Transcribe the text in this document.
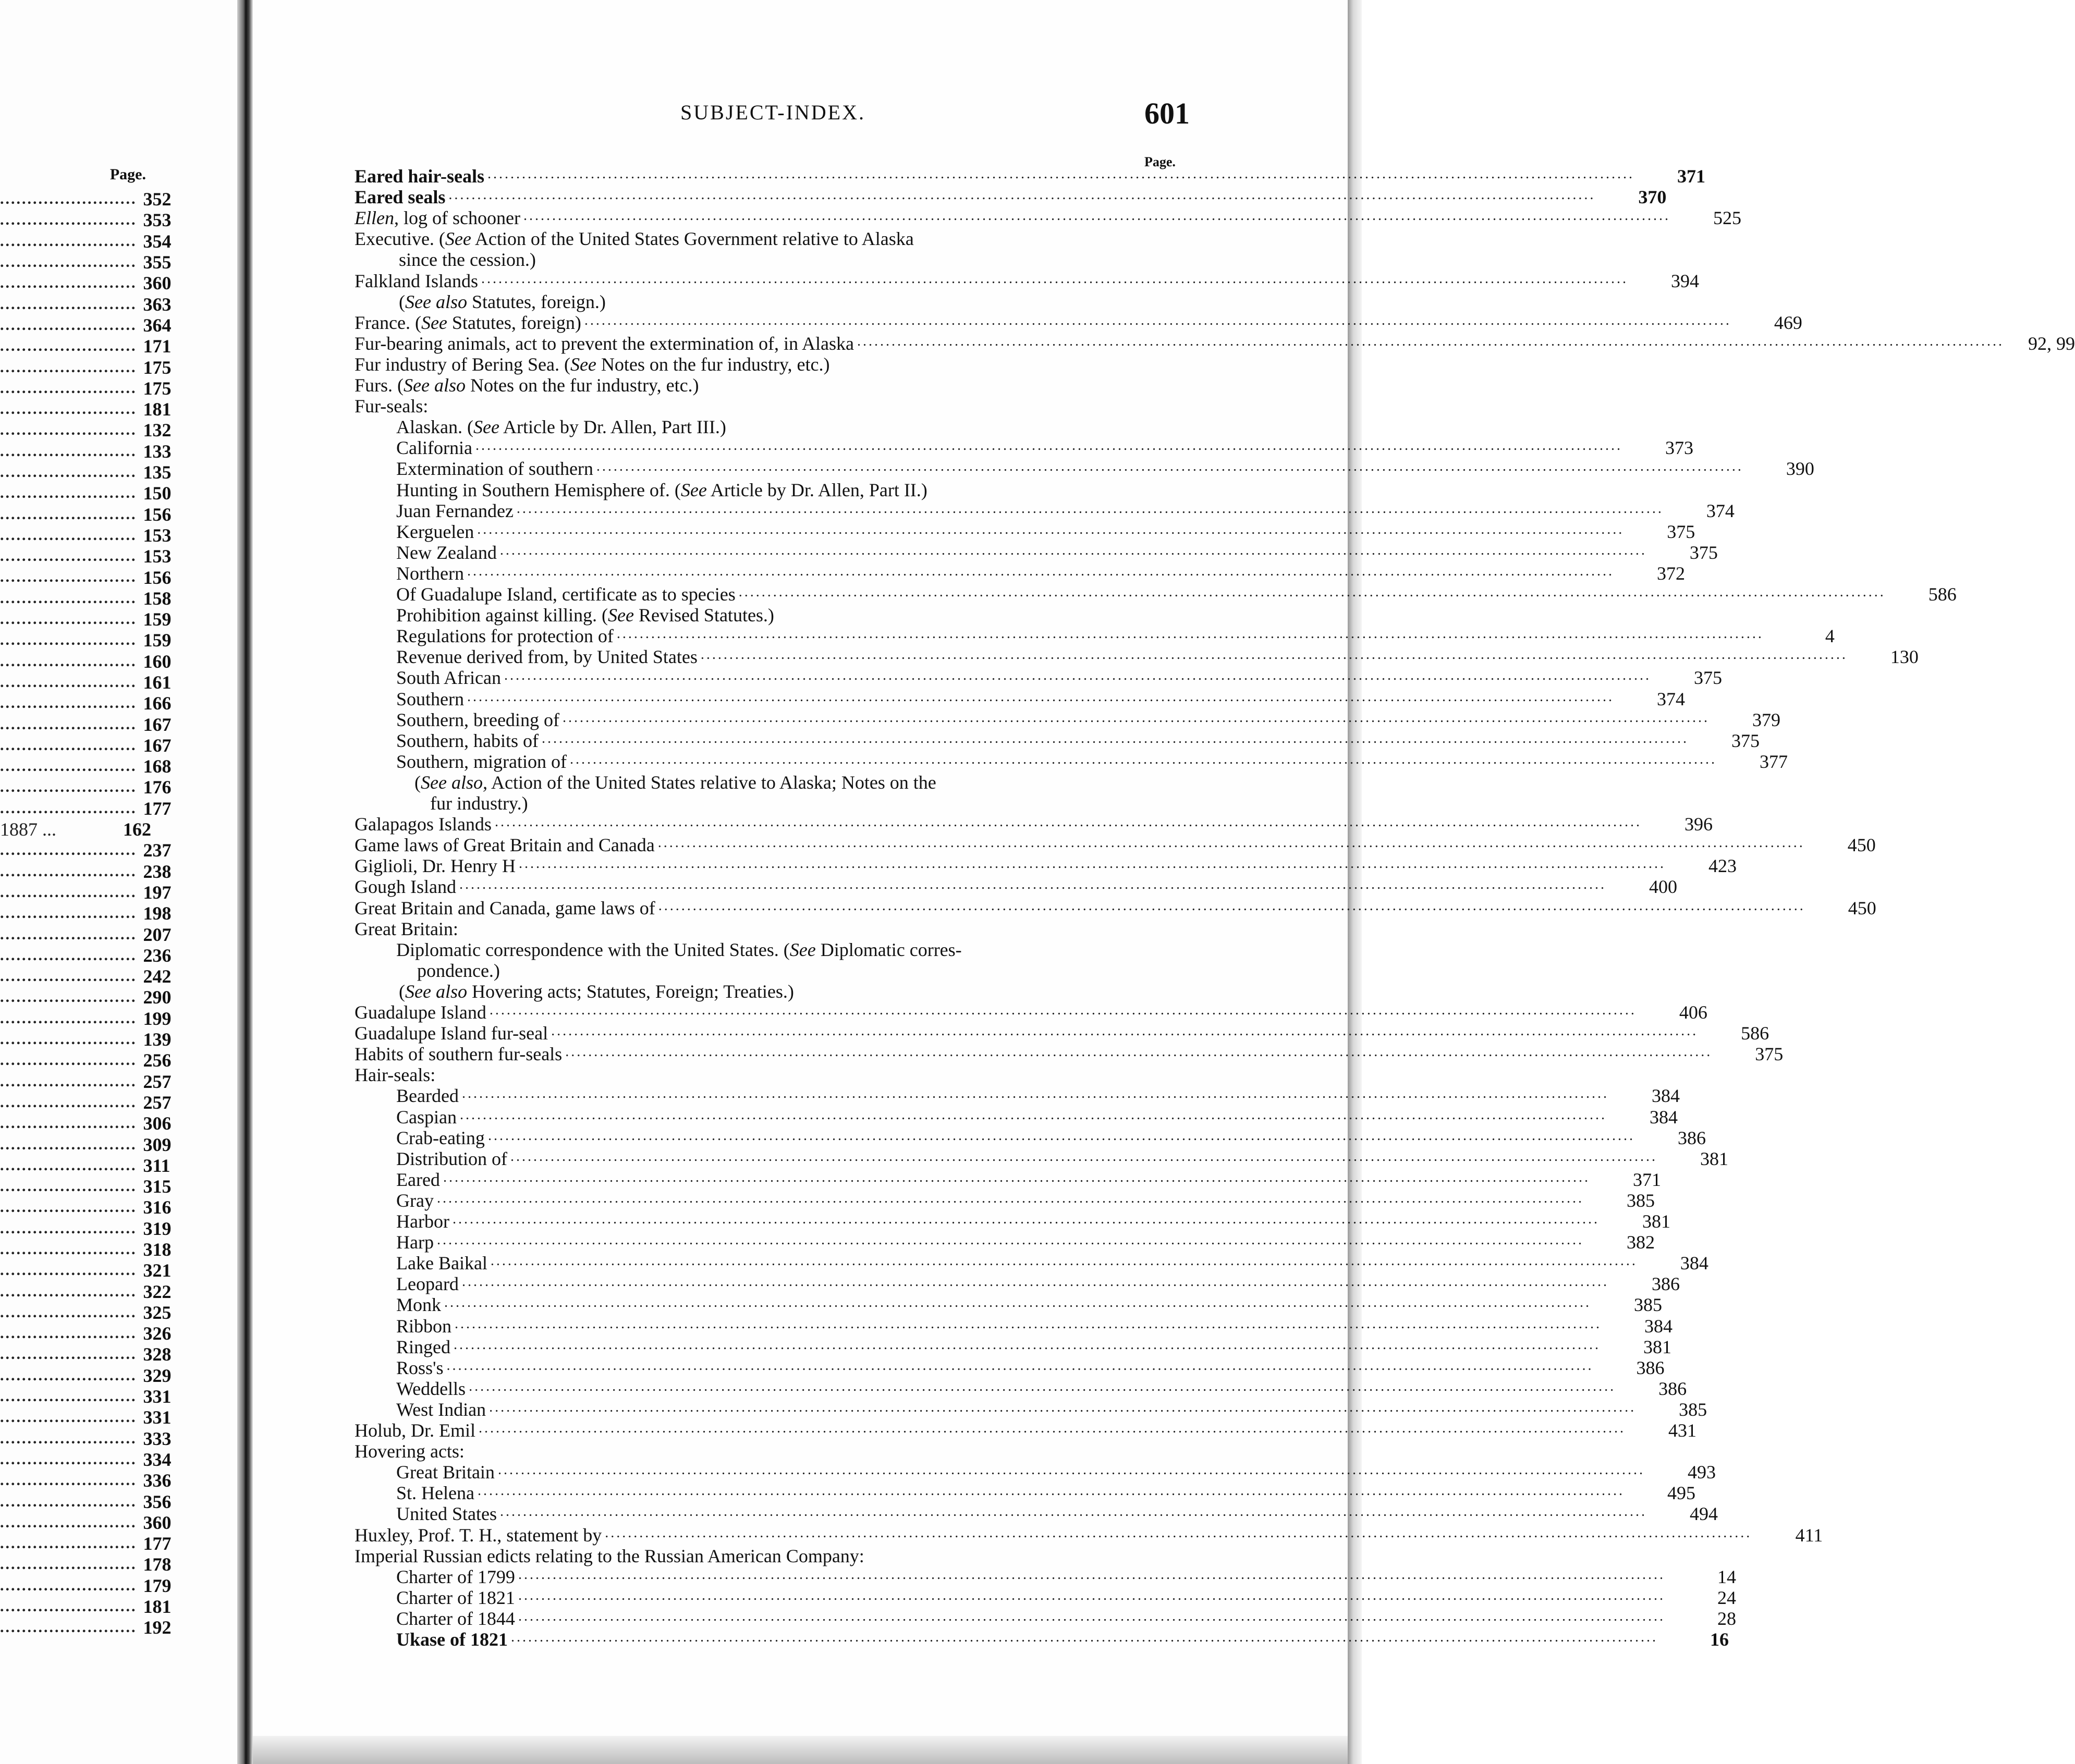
Page.
......................... 352
......................... 353
......................... 354
......................... 355
......................... 360
......................... 363
......................... 364
......................... 171
......................... 175
......................... 175
......................... 181
......................... 132
......................... 133
......................... 135
......................... 150
......................... 156
......................... 153
......................... 153
......................... 156
......................... 158
......................... 159
......................... 159
......................... 160
......................... 161
......................... 166
......................... 167
......................... 167
......................... 168
......................... 176
......................... 177
1887 ...	162
......................... 237
......................... 238
......................... 197
......................... 198
......................... 207
......................... 236
......................... 242
......................... 290
......................... 199
......................... 139
......................... 256
......................... 257
......................... 257
......................... 306
......................... 309
......................... 311
......................... 315
......................... 316
......................... 319
......................... 318
......................... 321
......................... 322
......................... 325
......................... 326
......................... 328
......................... 329
......................... 331
......................... 331
......................... 333
......................... 334
......................... 336
......................... 356
......................... 360
......................... 177
......................... 178
......................... 179
......................... 181
......................... 192
SUBJECT-INDEX.	601
Page.
Eared hair-seals ........................................................................................................................................................................................................	371
Eared seals ........................................................................................................................................................................................................	370
Ellen, log of schooner ........................................................................................................................................................................................................	525
Executive. (See Action of the United States Government relative to Alaska
since the cession.)
Falkland Islands ........................................................................................................................................................................................................	394
(See also Statutes, foreign.)
France. (See Statutes, foreign) ........................................................................................................................................................................................................	469
Fur-bearing animals, act to prevent the extermination of, in Alaska ........................................................................................................................................................................................................	92, 99
Fur industry of Bering Sea. (See Notes on the fur industry, etc.)
Furs. (See also Notes on the fur industry, etc.)
Fur-seals:
Alaskan. (See Article by Dr. Allen, Part III.)
California ........................................................................................................................................................................................................	373
Extermination of southern ........................................................................................................................................................................................................	390
Hunting in Southern Hemisphere of. (See Article by Dr. Allen, Part II.)
Juan Fernandez ........................................................................................................................................................................................................	374
Kerguelen ........................................................................................................................................................................................................	375
New Zealand ........................................................................................................................................................................................................	375
Northern ........................................................................................................................................................................................................	372
Of Guadalupe Island, certificate as to species ........................................................................................................................................................................................................	586
Prohibition against killing. (See Revised Statutes.)
Regulations for protection of ........................................................................................................................................................................................................	4
Revenue derived from, by United States ........................................................................................................................................................................................................	130
South African ........................................................................................................................................................................................................	375
Southern ........................................................................................................................................................................................................	374
Southern, breeding of ........................................................................................................................................................................................................	379
Southern, habits of ........................................................................................................................................................................................................	375
Southern, migration of ........................................................................................................................................................................................................	377
(See also, Action of the United States relative to Alaska; Notes on the
fur industry.)
Galapagos Islands ........................................................................................................................................................................................................	396
Game laws of Great Britain and Canada ........................................................................................................................................................................................................	450
Giglioli, Dr. Henry H ........................................................................................................................................................................................................	423
Gough Island ........................................................................................................................................................................................................	400
Great Britain and Canada, game laws of ........................................................................................................................................................................................................	450
Great Britain:
Diplomatic correspondence with the United States. (See Diplomatic corres-
pondence.)
(See also Hovering acts; Statutes, Foreign; Treaties.)
Guadalupe Island ........................................................................................................................................................................................................	406
Guadalupe Island fur-seal ........................................................................................................................................................................................................	586
Habits of southern fur-seals ........................................................................................................................................................................................................	375
Hair-seals:
Bearded ........................................................................................................................................................................................................	384
Caspian ........................................................................................................................................................................................................	384
Crab-eating ........................................................................................................................................................................................................	386
Distribution of ........................................................................................................................................................................................................	381
Eared ........................................................................................................................................................................................................	371
Gray ........................................................................................................................................................................................................	385
Harbor ........................................................................................................................................................................................................	381
Harp ........................................................................................................................................................................................................	382
Lake Baikal ........................................................................................................................................................................................................	384
Leopard ........................................................................................................................................................................................................	386
Monk ........................................................................................................................................................................................................	385
Ribbon ........................................................................................................................................................................................................	384
Ringed ........................................................................................................................................................................................................	381
Ross's ........................................................................................................................................................................................................	386
Weddells ........................................................................................................................................................................................................	386
West Indian ........................................................................................................................................................................................................	385
Holub, Dr. Emil ........................................................................................................................................................................................................	431
Hovering acts:
Great Britain ........................................................................................................................................................................................................	493
St. Helena ........................................................................................................................................................................................................	495
United States ........................................................................................................................................................................................................	494
Huxley, Prof. T. H., statement by ........................................................................................................................................................................................................	411
Imperial Russian edicts relating to the Russian American Company:
Charter of 1799 ........................................................................................................................................................................................................	14
Charter of 1821 ........................................................................................................................................................................................................	24
Charter of 1844 ........................................................................................................................................................................................................	28
Ukase of 1821 ........................................................................................................................................................................................................	16
